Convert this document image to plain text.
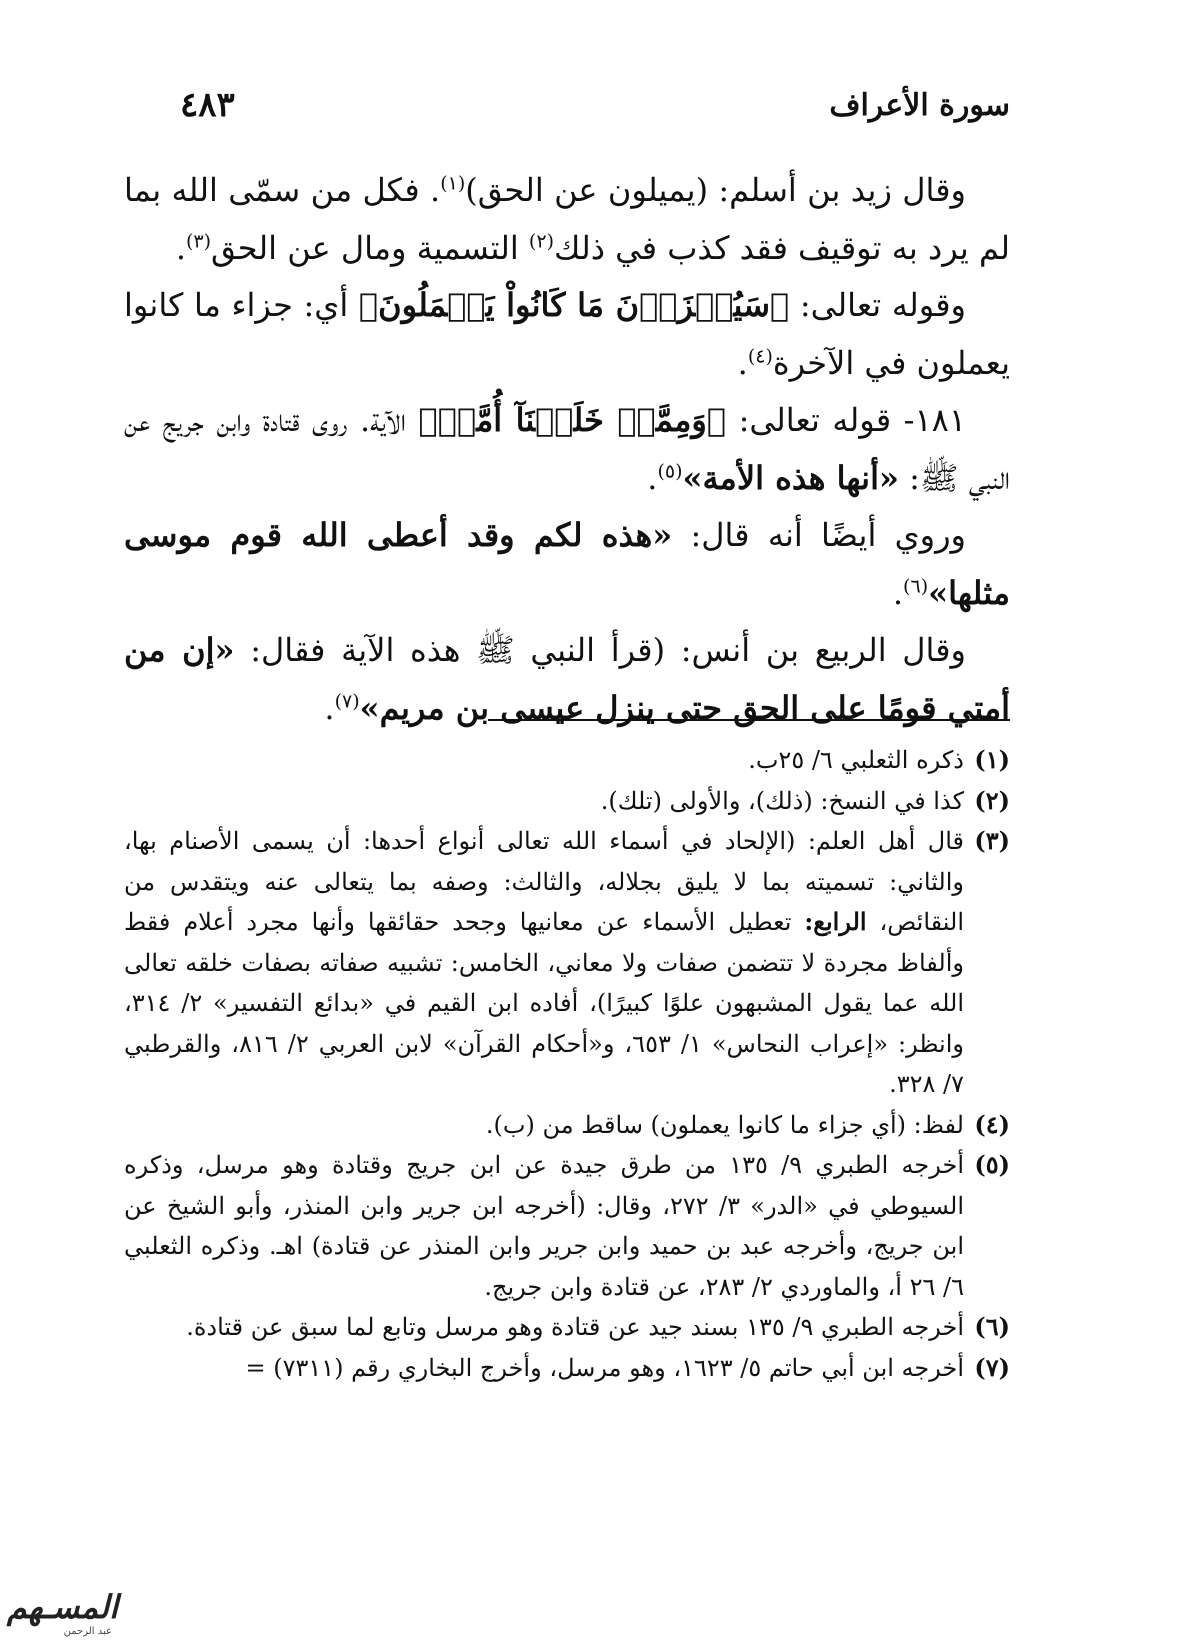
سورة الأعراف
٤٨٣

وقال زيد بن أسلم: (يميلون عن الحق)$^{(١)}$. فكل من سمّى الله بما لم يرد به توقيف فقد كذب في ذلك$^{(٢)}$ التسمية ومال عن الحق$^{(٣)}$.

وقوله تعالى: ﴿سَيُجۡزَوۡنَ مَا كَانُواْ يَعۡمَلُونَ﴾ أي: جزاء ما كانوا يعملون في الآخرة$^{(٤)}$.

١٨١- قوله تعالى: ﴿وَمِمَّنۡ خَلَقۡنَآ أُمَّةٞ﴾ الآية. روى قتادة وابن جريج عن النبي ﷺ: «أنها هذه الأمة»$^{(٥)}$.

وروي أيضًا أنه قال: «هذه لكم وقد أعطى الله قوم موسى مثلها»$^{(٦)}$.

وقال الربيع بن أنس: (قرأ النبي ﷺ هذه الآية فقال: «إن من أمتي قومًا على الحق حتى ينزل عيسى بن مريم»$^{(٧)}$.

(١)
ذكره الثعلبي ٦/ ٢٥ب.
(٢)
كذا في النسخ: (ذلك)، والأولى (تلك).
(٣)
قال أهل العلم: (الإلحاد في أسماء الله تعالى أنواع أحدها: أن يسمى الأصنام بها، والثاني: تسميته بما لا يليق بجلاله، والثالث: وصفه بما يتعالى عنه ويتقدس من النقائص، الرابع: تعطيل الأسماء عن معانيها وجحد حقائقها وأنها مجرد أعلام فقط وألفاظ مجردة لا تتضمن صفات ولا معاني، الخامس: تشبيه صفاته بصفات خلقه تعالى الله عما يقول المشبهون علوًا كبيرًا)، أفاده ابن القيم في «بدائع التفسير» ٢/ ٣١٤، وانظر: «إعراب النحاس» ١/ ٦٥٣، و«أحكام القرآن» لابن العربي ٢/ ٨١٦، والقرطبي ٧/ ٣٢٨.
(٤)
لفظ: (أي جزاء ما كانوا يعملون) ساقط من (ب).
(٥)
أخرجه الطبري ٩/ ١٣٥ من طرق جيدة عن ابن جريج وقتادة وهو مرسل، وذكره السيوطي في «الدر» ٣/ ٢٧٢، وقال: (أخرجه ابن جرير وابن المنذر، وأبو الشيخ عن ابن جريج، وأخرجه عبد بن حميد وابن جرير وابن المنذر عن قتادة) اهـ. وذكره الثعلبي ٦/ ٢٦ أ، والماوردي ٢/ ٢٨٣، عن قتادة وابن جريج.
(٦)
أخرجه الطبري ٩/ ١٣٥ بسند جيد عن قتادة وهو مرسل وتابع لما سبق عن قتادة.
(٧)
أخرجه ابن أبي حاتم ٥/ ١٦٢٣، وهو مرسل، وأخرج البخاري رقم (٧٣١١) =
المسـهم
عبد الرحمن
